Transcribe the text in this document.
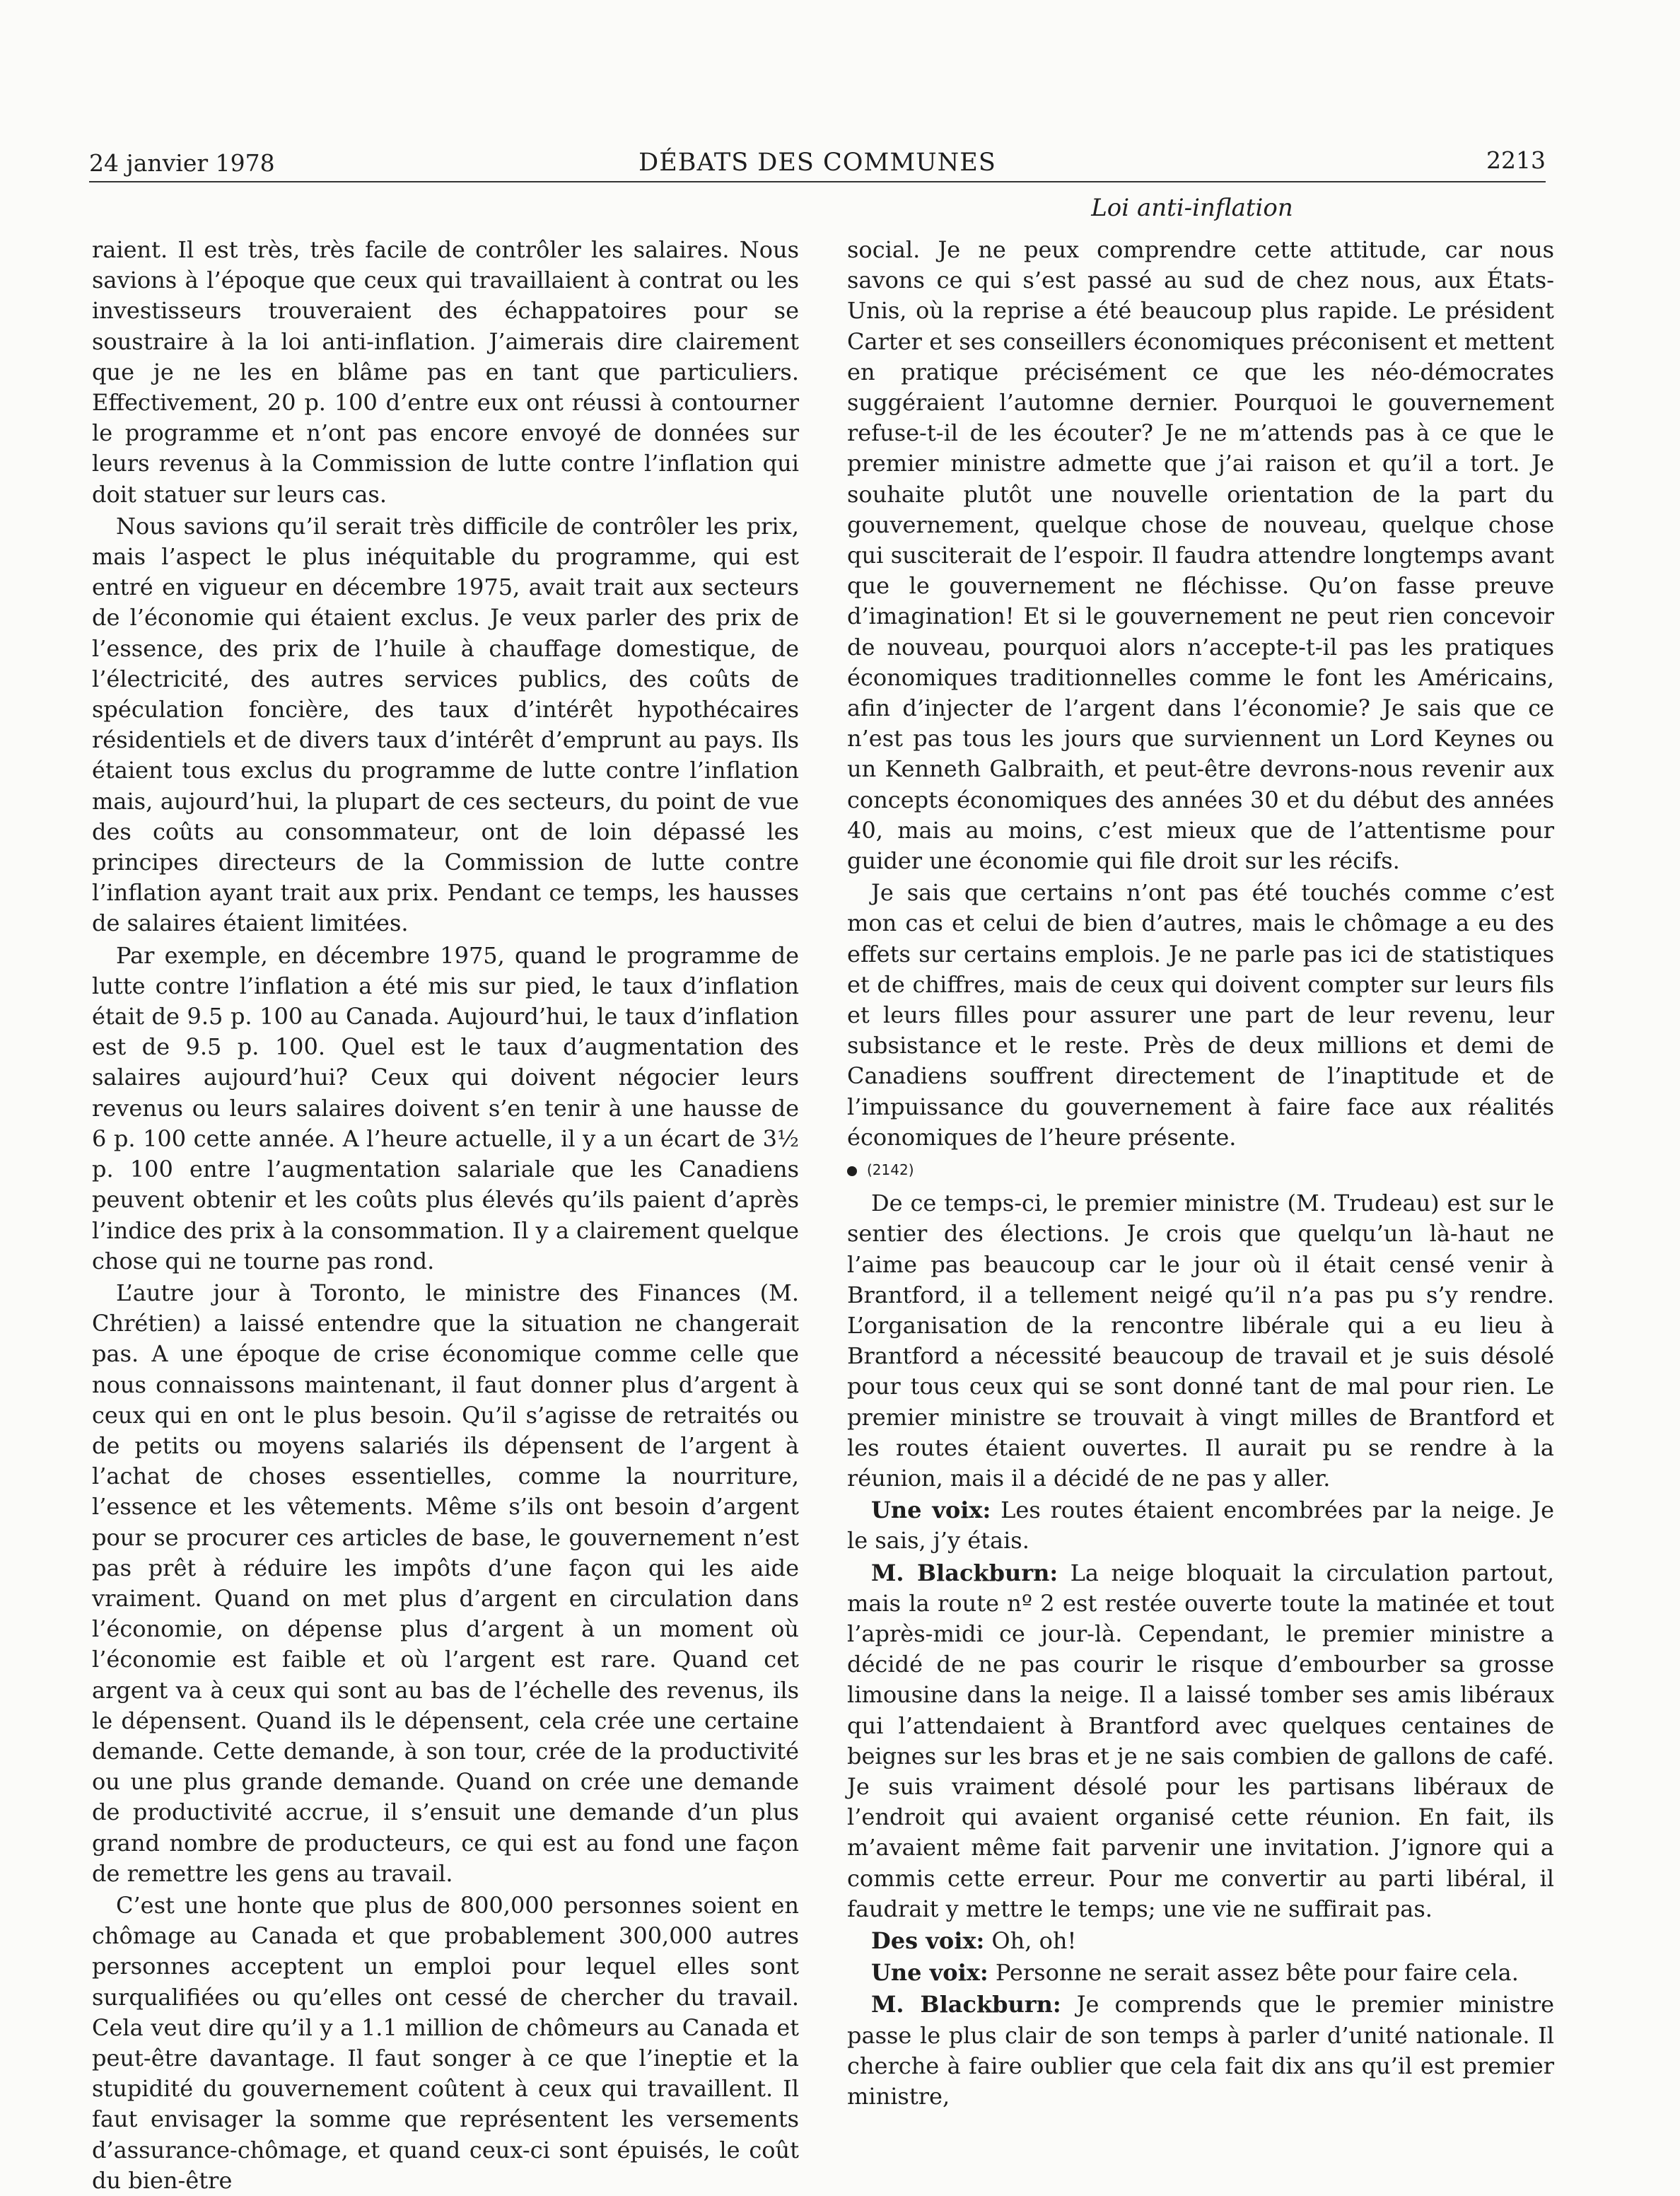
24 janvier 1978	DÉBATS DES COMMUNES	2213
Loi anti-inflation

raient. Il est très, très facile de contrôler les salaires. Nous savions à l’époque que ceux qui travaillaient à contrat ou les investisseurs trouveraient des échappatoires pour se soustraire à la loi anti-inflation. J’aimerais dire clairement que je ne les en blâme pas en tant que particuliers. Effectivement, 20 p. 100 d’entre eux ont réussi à contourner le programme et n’ont pas encore envoyé de données sur leurs revenus à la Commission de lutte contre l’inflation qui doit statuer sur leurs cas.

Nous savions qu’il serait très difficile de contrôler les prix, mais l’aspect le plus inéquitable du programme, qui est entré en vigueur en décembre 1975, avait trait aux secteurs de l’économie qui étaient exclus. Je veux parler des prix de l’essence, des prix de l’huile à chauffage domestique, de l’électricité, des autres services publics, des coûts de spéculation foncière, des taux d’intérêt hypothécaires résidentiels et de divers taux d’intérêt d’emprunt au pays. Ils étaient tous exclus du programme de lutte contre l’inflation mais, aujourd’hui, la plupart de ces secteurs, du point de vue des coûts au consommateur, ont de loin dépassé les principes directeurs de la Commission de lutte contre l’inflation ayant trait aux prix. Pendant ce temps, les hausses de salaires étaient limitées.

Par exemple, en décembre 1975, quand le programme de lutte contre l’inflation a été mis sur pied, le taux d’inflation était de 9.5 p. 100 au Canada. Aujourd’hui, le taux d’inflation est de 9.5 p. 100. Quel est le taux d’augmentation des salaires aujourd’hui? Ceux qui doivent négocier leurs revenus ou leurs salaires doivent s’en tenir à une hausse de 6 p. 100 cette année. A l’heure actuelle, il y a un écart de 3½ p. 100 entre l’augmentation salariale que les Canadiens peuvent obtenir et les coûts plus élevés qu’ils paient d’après l’indice des prix à la consommation. Il y a clairement quelque chose qui ne tourne pas rond.

L’autre jour à Toronto, le ministre des Finances (M. Chrétien) a laissé entendre que la situation ne changerait pas. A une époque de crise économique comme celle que nous connaissons maintenant, il faut donner plus d’argent à ceux qui en ont le plus besoin. Qu’il s’agisse de retraités ou de petits ou moyens salariés ils dépensent de l’argent à l’achat de choses essentielles, comme la nourriture, l’essence et les vêtements. Même s’ils ont besoin d’argent pour se procurer ces articles de base, le gouvernement n’est pas prêt à réduire les impôts d’une façon qui les aide vraiment. Quand on met plus d’argent en circulation dans l’économie, on dépense plus d’argent à un moment où l’économie est faible et où l’argent est rare. Quand cet argent va à ceux qui sont au bas de l’échelle des revenus, ils le dépensent. Quand ils le dépensent, cela crée une certaine demande. Cette demande, à son tour, crée de la productivité ou une plus grande demande. Quand on crée une demande de productivité accrue, il s’ensuit une demande d’un plus grand nombre de producteurs, ce qui est au fond une façon de remettre les gens au travail.

C’est une honte que plus de 800,000 personnes soient en chômage au Canada et que probablement 300,000 autres personnes acceptent un emploi pour lequel elles sont surqualifiées ou qu’elles ont cessé de chercher du travail. Cela veut dire qu’il y a 1.1 million de chômeurs au Canada et peut-être davantage. Il faut songer à ce que l’ineptie et la stupidité du gouvernement coûtent à ceux qui travaillent. Il faut envisager la somme que représentent les versements d’assurance-chômage, et quand ceux-ci sont épuisés, le coût du bien-être

social. Je ne peux comprendre cette attitude, car nous savons ce qui s’est passé au sud de chez nous, aux États-Unis, où la reprise a été beaucoup plus rapide. Le président Carter et ses conseillers économiques préconisent et mettent en pratique précisément ce que les néo-démocrates suggéraient l’automne dernier. Pourquoi le gouvernement refuse-t-il de les écouter? Je ne m’attends pas à ce que le premier ministre admette que j’ai raison et qu’il a tort. Je souhaite plutôt une nouvelle orientation de la part du gouvernement, quelque chose de nouveau, quelque chose qui susciterait de l’espoir. Il faudra attendre longtemps avant que le gouvernement ne fléchisse. Qu’on fasse preuve d’imagination! Et si le gouvernement ne peut rien concevoir de nouveau, pourquoi alors n’accepte-t-il pas les pratiques économiques traditionnelles comme le font les Américains, afin d’injecter de l’argent dans l’économie? Je sais que ce n’est pas tous les jours que surviennent un Lord Keynes ou un Kenneth Galbraith, et peut-être devrons-nous revenir aux concepts économiques des années 30 et du début des années 40, mais au moins, c’est mieux que de l’attentisme pour guider une économie qui file droit sur les récifs.

Je sais que certains n’ont pas été touchés comme c’est mon cas et celui de bien d’autres, mais le chômage a eu des effets sur certains emplois. Je ne parle pas ici de statistiques et de chiffres, mais de ceux qui doivent compter sur leurs fils et leurs filles pour assurer une part de leur revenu, leur subsistance et le reste. Près de deux millions et demi de Canadiens souffrent directement de l’inaptitude et de l’impuissance du gouvernement à faire face aux réalités économiques de l’heure présente.

(2142)

De ce temps-ci, le premier ministre (M. Trudeau) est sur le sentier des élections. Je crois que quelqu’un là-haut ne l’aime pas beaucoup car le jour où il était censé venir à Brantford, il a tellement neigé qu’il n’a pas pu s’y rendre. L’organisation de la rencontre libérale qui a eu lieu à Brantford a nécessité beaucoup de travail et je suis désolé pour tous ceux qui se sont donné tant de mal pour rien. Le premier ministre se trouvait à vingt milles de Brantford et les routes étaient ouvertes. Il aurait pu se rendre à la réunion, mais il a décidé de ne pas y aller.

Une voix: Les routes étaient encombrées par la neige. Je le sais, j’y étais.

M. Blackburn: La neige bloquait la circulation partout, mais la route nº 2 est restée ouverte toute la matinée et tout l’après-midi ce jour-là. Cependant, le premier ministre a décidé de ne pas courir le risque d’embourber sa grosse limousine dans la neige. Il a laissé tomber ses amis libéraux qui l’attendaient à Brantford avec quelques centaines de beignes sur les bras et je ne sais combien de gallons de café. Je suis vraiment désolé pour les partisans libéraux de l’endroit qui avaient organisé cette réunion. En fait, ils m’avaient même fait parvenir une invitation. J’ignore qui a commis cette erreur. Pour me convertir au parti libéral, il faudrait y mettre le temps; une vie ne suffirait pas.

Des voix: Oh, oh!

Une voix: Personne ne serait assez bête pour faire cela.

M. Blackburn: Je comprends que le premier ministre passe le plus clair de son temps à parler d’unité nationale. Il cherche à faire oublier que cela fait dix ans qu’il est premier ministre,
